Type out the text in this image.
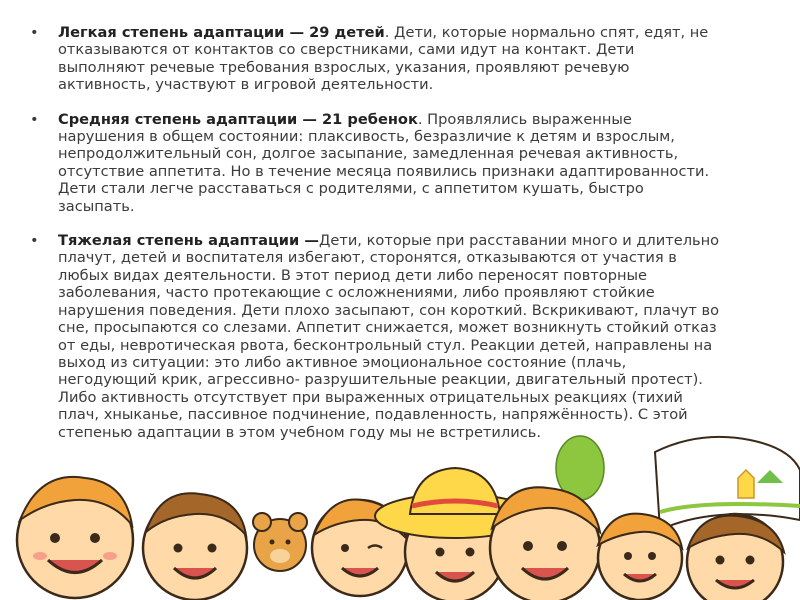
• Легкая степень адаптации — 29 детей. Дети, которые нормально спят, едят, не отказываются от контактов со сверстниками, сами идут на контакт. Дети выполняют речевые требования взрослых, указания, проявляют речевую активность, участвуют в игровой деятельности.
• Средняя степень адаптации — 21 ребенок. Проявлялись выраженные нарушения в общем состоянии: плаксивость, безразличие к детям и взрослым, непродолжительный сон, долгое засыпание, замедленная речевая активность, отсутствие аппетита. Но в течение месяца появились признаки адаптированности. Дети стали легче расставаться с родителями, с аппетитом кушать, быстро засыпать.
• Тяжелая степень адаптации —Дети, которые при расставании много и длительно плачут, детей и воспитателя избегают, сторонятся, отказываются от участия в любых видах деятельности. В этот период дети либо переносят повторные заболевания, часто протекающие с осложнениями, либо проявляют стойкие нарушения поведения. Дети плохо засыпают, сон короткий. Вскрикивают, плачут во сне, просыпаются со слезами. Аппетит снижается, может возникнуть стойкий отказ от еды, невротическая рвота, бесконтрольный стул. Реакции детей, направлены на выход из ситуации: это либо активное эмоциональное состояние (плачь, негодующий крик, агрессивно- разрушительные реакции, двигательный протест). Либо активность отсутствует при выраженных отрицательных реакциях (тихий плач, хныканье, пассивное подчинение, подавленность, напряжённость). С этой степенью адаптации в этом учебном году мы не встретились.
